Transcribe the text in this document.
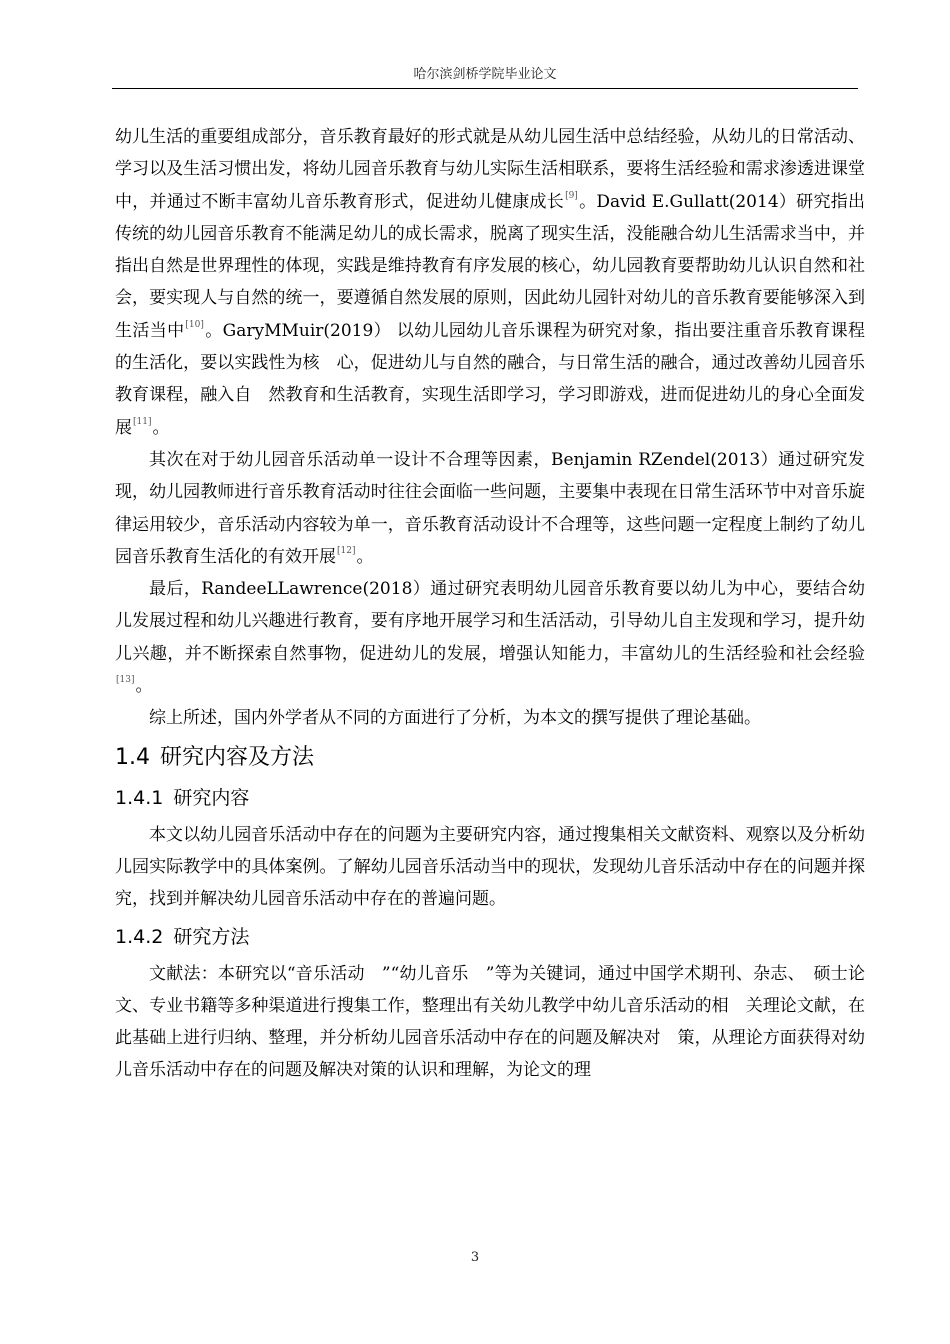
哈尔滨剑桥学院毕业论文

幼儿生活的重要组成部分，音乐教育最好的形式就是从幼儿园生活中总结经验，从幼儿的日常活动、学习以及生活习惯出发，将幼儿园音乐教育与幼儿实际生活相联系，要将生活经验和需求渗透进课堂中，并通过不断丰富幼儿音乐教育形式，促进幼儿健康成长[9]。David E.Gullatt(2014）研究指出传统的幼儿园音乐教育不能满足幼儿的成长需求，脱离了现实生活，没能融合幼儿生活需求当中，并指出自然是世界理性的体现，实践是维持教育有序发展的核心，幼儿园教育要帮助幼儿认识自然和社会，要实现人与自然的统一，要遵循自然发展的原则，因此幼儿园针对幼儿的音乐教育要能够深入到生活当中[10]。GaryMMuir(2019） 以幼儿园幼儿音乐课程为研究对象，指出要注重音乐教育课程的生活化，要以实践性为核　心，促进幼儿与自然的融合，与日常生活的融合，通过改善幼儿园音乐教育课程，融入自　然教育和生活教育，实现生活即学习，学习即游戏，进而促进幼儿的身心全面发展[11]。

其次在对于幼儿园音乐活动单一设计不合理等因素，Benjamin RZendel(2013）通过研究发现，幼儿园教师进行音乐教育活动时往往会面临一些问题，主要集中表现在日常生活环节中对音乐旋律运用较少，音乐活动内容较为单一，音乐教育活动设计不合理等，这些问题一定程度上制约了幼儿园音乐教育生活化的有效开展[12]。

最后，RandeeLLawrence(2018）通过研究表明幼儿园音乐教育要以幼儿为中心，要结合幼儿发展过程和幼儿兴趣进行教育，要有序地开展学习和生活活动，引导幼儿自主发现和学习，提升幼儿兴趣，并不断探索自然事物，促进幼儿的发展，增强认知能力，丰富幼儿的生活经验和社会经验[13]。

综上所述，国内外学者从不同的方面进行了分析，为本文的撰写提供了理论基础。

1.4 研究内容及方法
1.4.1 研究内容

本文以幼儿园音乐活动中存在的问题为主要研究内容，通过搜集相关文献资料、观察以及分析幼儿园实际教学中的具体案例。了解幼儿园音乐活动当中的现状，发现幼儿音乐活动中存在的问题并探究，找到并解决幼儿园音乐活动中存在的普遍问题。

1.4.2 研究方法

文献法：本研究以“音乐活动　”“幼儿音乐　”等为关键词，通过中国学术期刊、杂志、　硕士论文、专业书籍等多种渠道进行搜集工作，整理出有关幼儿教学中幼儿音乐活动的相　关理论文献，在此基础上进行归纳、整理，并分析幼儿园音乐活动中存在的问题及解决对　策，从理论方面获得对幼儿音乐活动中存在的问题及解决对策的认识和理解，为论文的理

3
